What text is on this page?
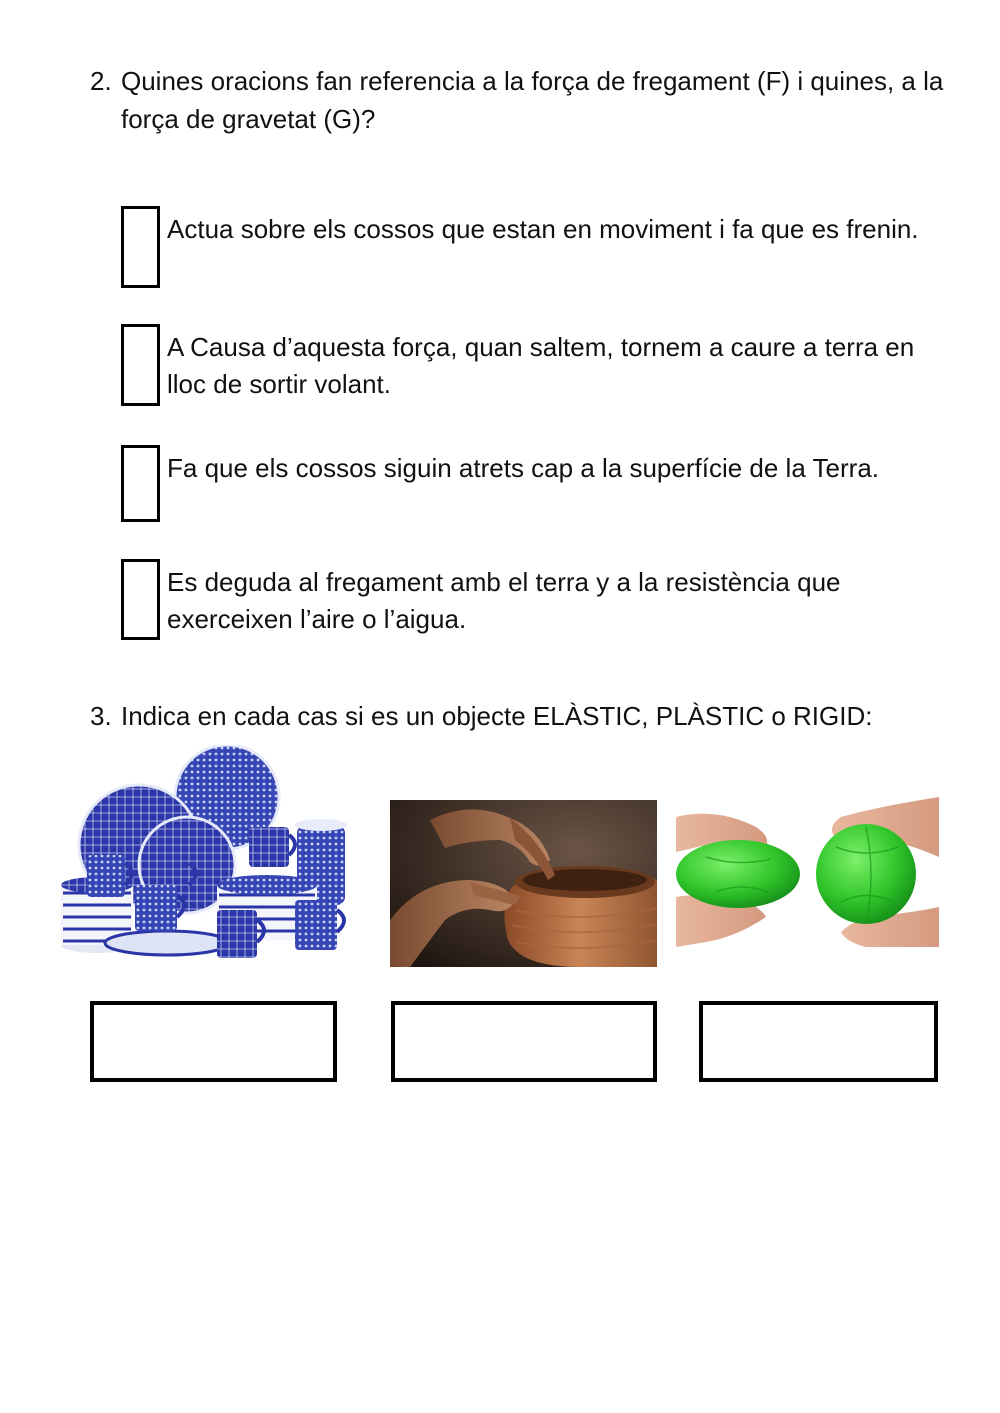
2. Quines oracions fan referencia a la força de fregament (F) i quines, a la força de gravetat (G)?
Actua sobre els cossos que estan en moviment i fa que es frenin.
A Causa d’aquesta força, quan saltem, tornem a caure a terra en lloc de sortir volant.
Fa que els cossos siguin atrets cap a la superfície de la Terra.
Es deguda al fregament amb el terra y a la resistència que exerceixen l’aire o l’aigua.
3. Indica en cada cas si es un objecte ELÀSTIC, PLÀSTIC o RIGID:
